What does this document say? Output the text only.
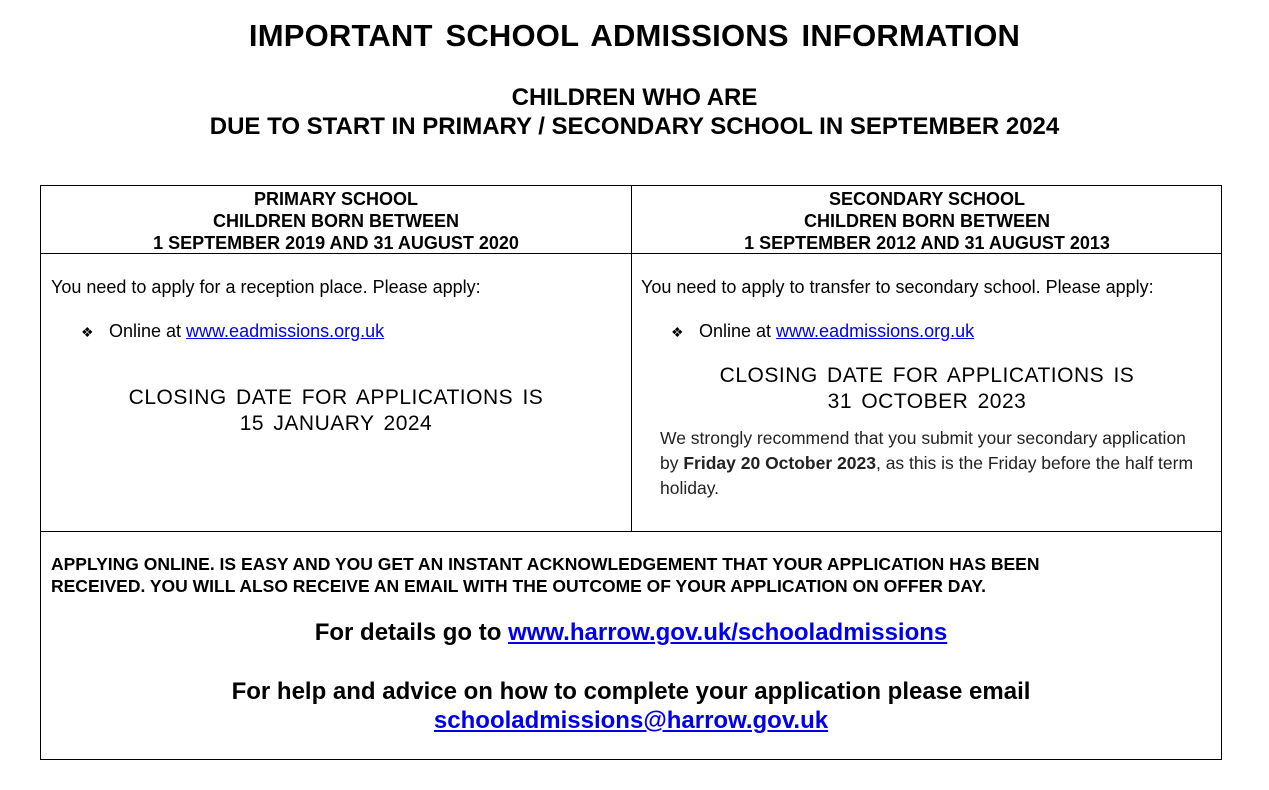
IMPORTANT SCHOOL ADMISSIONS INFORMATION
CHILDREN WHO ARE
DUE TO START IN PRIMARY / SECONDARY SCHOOL IN SEPTEMBER 2024
PRIMARY SCHOOL
CHILDREN BORN BETWEEN
1 SEPTEMBER 2019 AND 31 AUGUST 2020
You need to apply for a reception place. Please apply:
❖ Online at www.eadmissions.org.uk
CLOSING DATE FOR APPLICATIONS IS
15 JANUARY 2024
SECONDARY SCHOOL
CHILDREN BORN BETWEEN
1 SEPTEMBER 2012 AND 31 AUGUST 2013
You need to apply to transfer to secondary school. Please apply:
❖ Online at www.eadmissions.org.uk
CLOSING DATE FOR APPLICATIONS IS
31 OCTOBER 2023
We strongly recommend that you submit your secondary application by Friday 20 October 2023, as this is the Friday before the half term holiday.
APPLYING ONLINE. IS EASY AND YOU GET AN INSTANT ACKNOWLEDGEMENT THAT YOUR APPLICATION HAS BEEN
RECEIVED. YOU WILL ALSO RECEIVE AN EMAIL WITH THE OUTCOME OF YOUR APPLICATION ON OFFER DAY.
For details go to www.harrow.gov.uk/schooladmissions
For help and advice on how to complete your application please email
schooladmissions@harrow.gov.uk
